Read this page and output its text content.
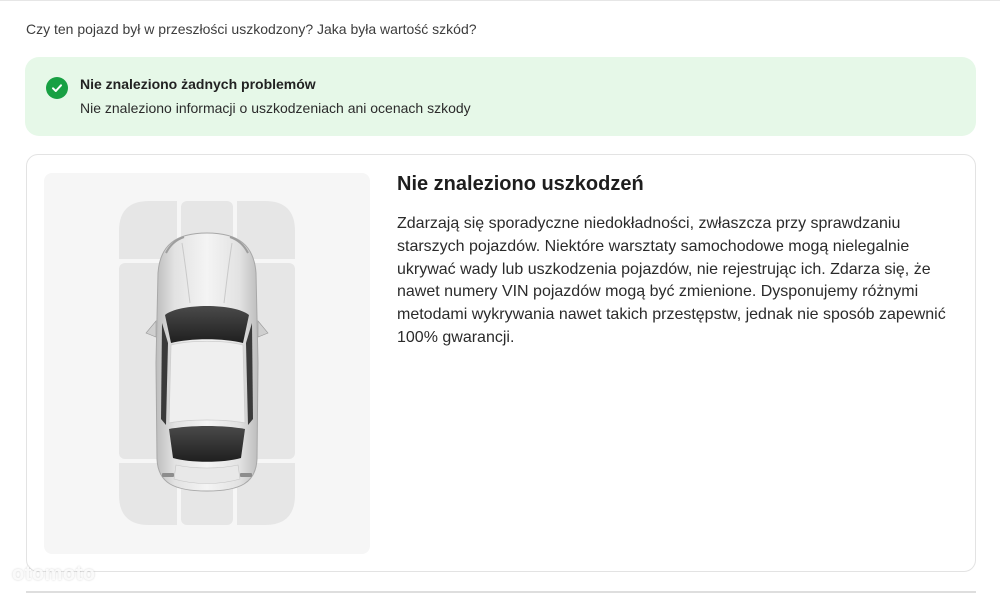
Czy ten pojazd był w przeszłości uszkodzony? Jaka była wartość szkód?
Nie znaleziono żadnych problemów
Nie znaleziono informacji o uszkodzeniach ani ocenach szkody
Nie znaleziono uszkodzeń

Zdarzają się sporadyczne niedokładności, zwłaszcza przy sprawdzaniu starszych pojazdów. Niektóre warsztaty samochodowe mogą nielegalnie ukrywać wady lub uszkodzenia pojazdów, nie rejestrując ich. Zdarza się, że nawet numery VIN pojazdów mogą być zmienione. Dysponujemy różnymi metodami wykrywania nawet takich przestępstw, jednak nie sposób zapewnić 100% gwarancji.

otomoto
